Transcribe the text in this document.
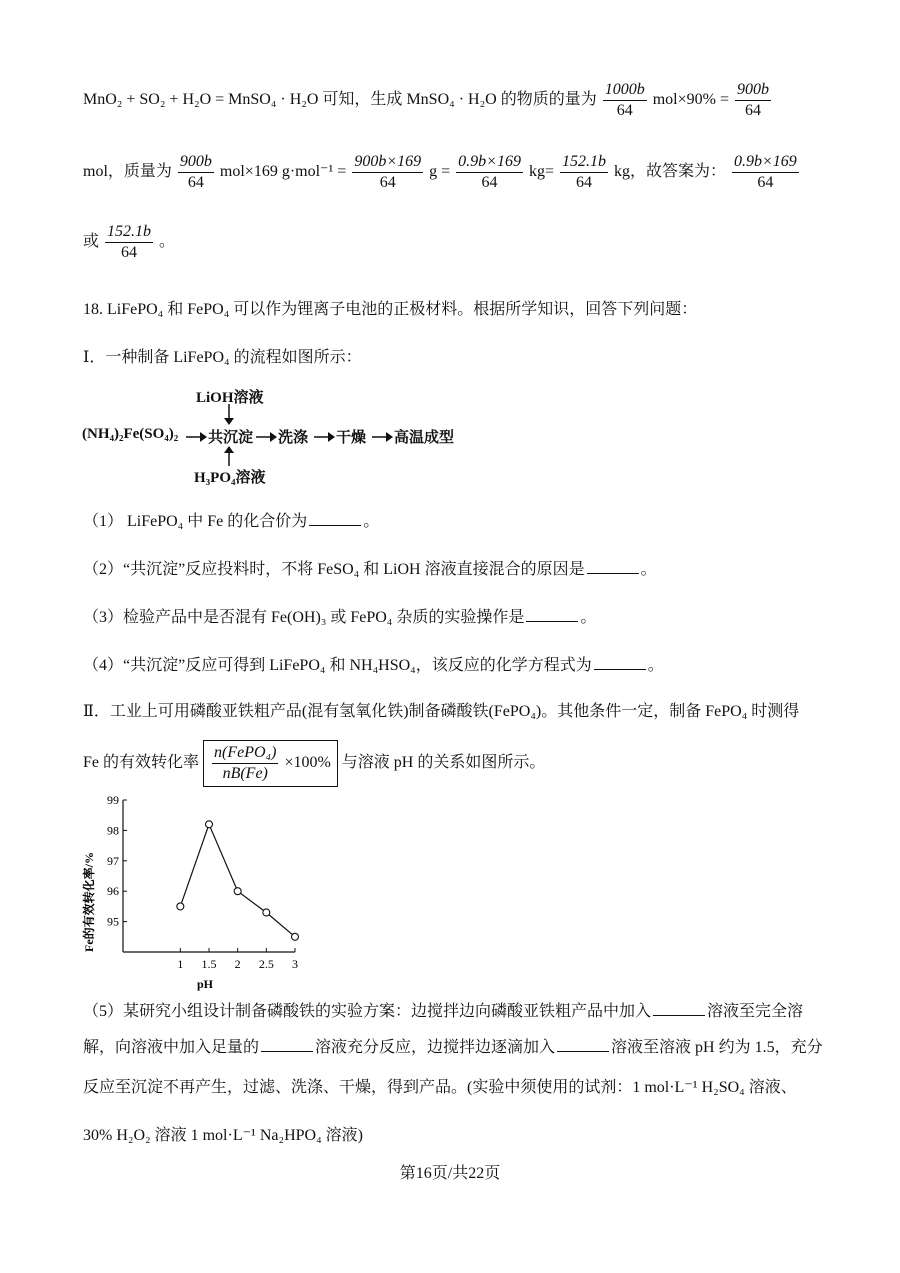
MnO₂ + SO₂ + H₂O = MnSO₄ · H₂O 可知，生成 MnSO₄ · H₂O 的物质的量为 $\frac{1000b}{64} mol\times 90\% = \frac{900b}{64}$
mol，质量为 $\frac{900b}{64} mol\times 169$ $g\cdot mol^{-1} = \frac{900b\times 169}{64}$ $g = \frac{0.9b\times 169}{64} kg= \frac{152.1b}{64}$ kg，故答案为： $\frac{0.9b\times 169}{64}$
或 $\frac{152.1b}{64}$ 。
18. LiFePO₄ 和 FePO₄ 可以作为锂离子电池的正极材料。根据所学知识，回答下列问题：
Ⅰ．一种制备 LiFePO₄ 的流程如图所示：
LiOH溶液
(NH₄)₂Fe(SO₄)₂ 共沉淀 洗涤 干燥 高温成型
H₃PO₄溶液
（1） LiFePO₄ 中 Fe 的化合价为	。
（2）“共沉淀”反应投料时，不将 FeSO₄ 和 LiOH 溶液直接混合的原因是	。
（3）检验产品中是否混有 Fe(OH)₃ 或 FePO₄ 杂质的实验操作是	。
（4）“共沉淀”反应可得到 LiFePO₄ 和 NH₄HSO₄，该反应的化学方程式为	。
Ⅱ．工业上可用磷酸亚铁粗产品(混有氢氧化铁)制备磷酸铁(FePO₄)。其他条件一定，制备 FePO₄ 时测得
Fe 的有效转化率 $\frac{\text{n(FePO₄)}}{nB(Fe)} \times 100\%$ 与溶液 pH 的关系如图所示。
95
96
97
98
99
1 1.5 2 2.5 3
Fe的有效转化率/%
pH
（5）某研究小组设计制备磷酸铁的实验方案：边搅拌边向磷酸亚铁粗产品中加入	溶液至完全溶
解，向溶液中加入足量的	溶液充分反应，边搅拌边逐滴加入	溶液至溶液 pH 约为 1.5，充分
反应至沉淀不再产生，过滤、洗涤、干燥，得到产品。(实验中须使用的试剂：1 mol·L⁻¹ H₂SO₄ 溶液、
30% H₂O₂ 溶液 1 mol·L⁻¹ Na₂HPO₄ 溶液)
第16页/共22页
